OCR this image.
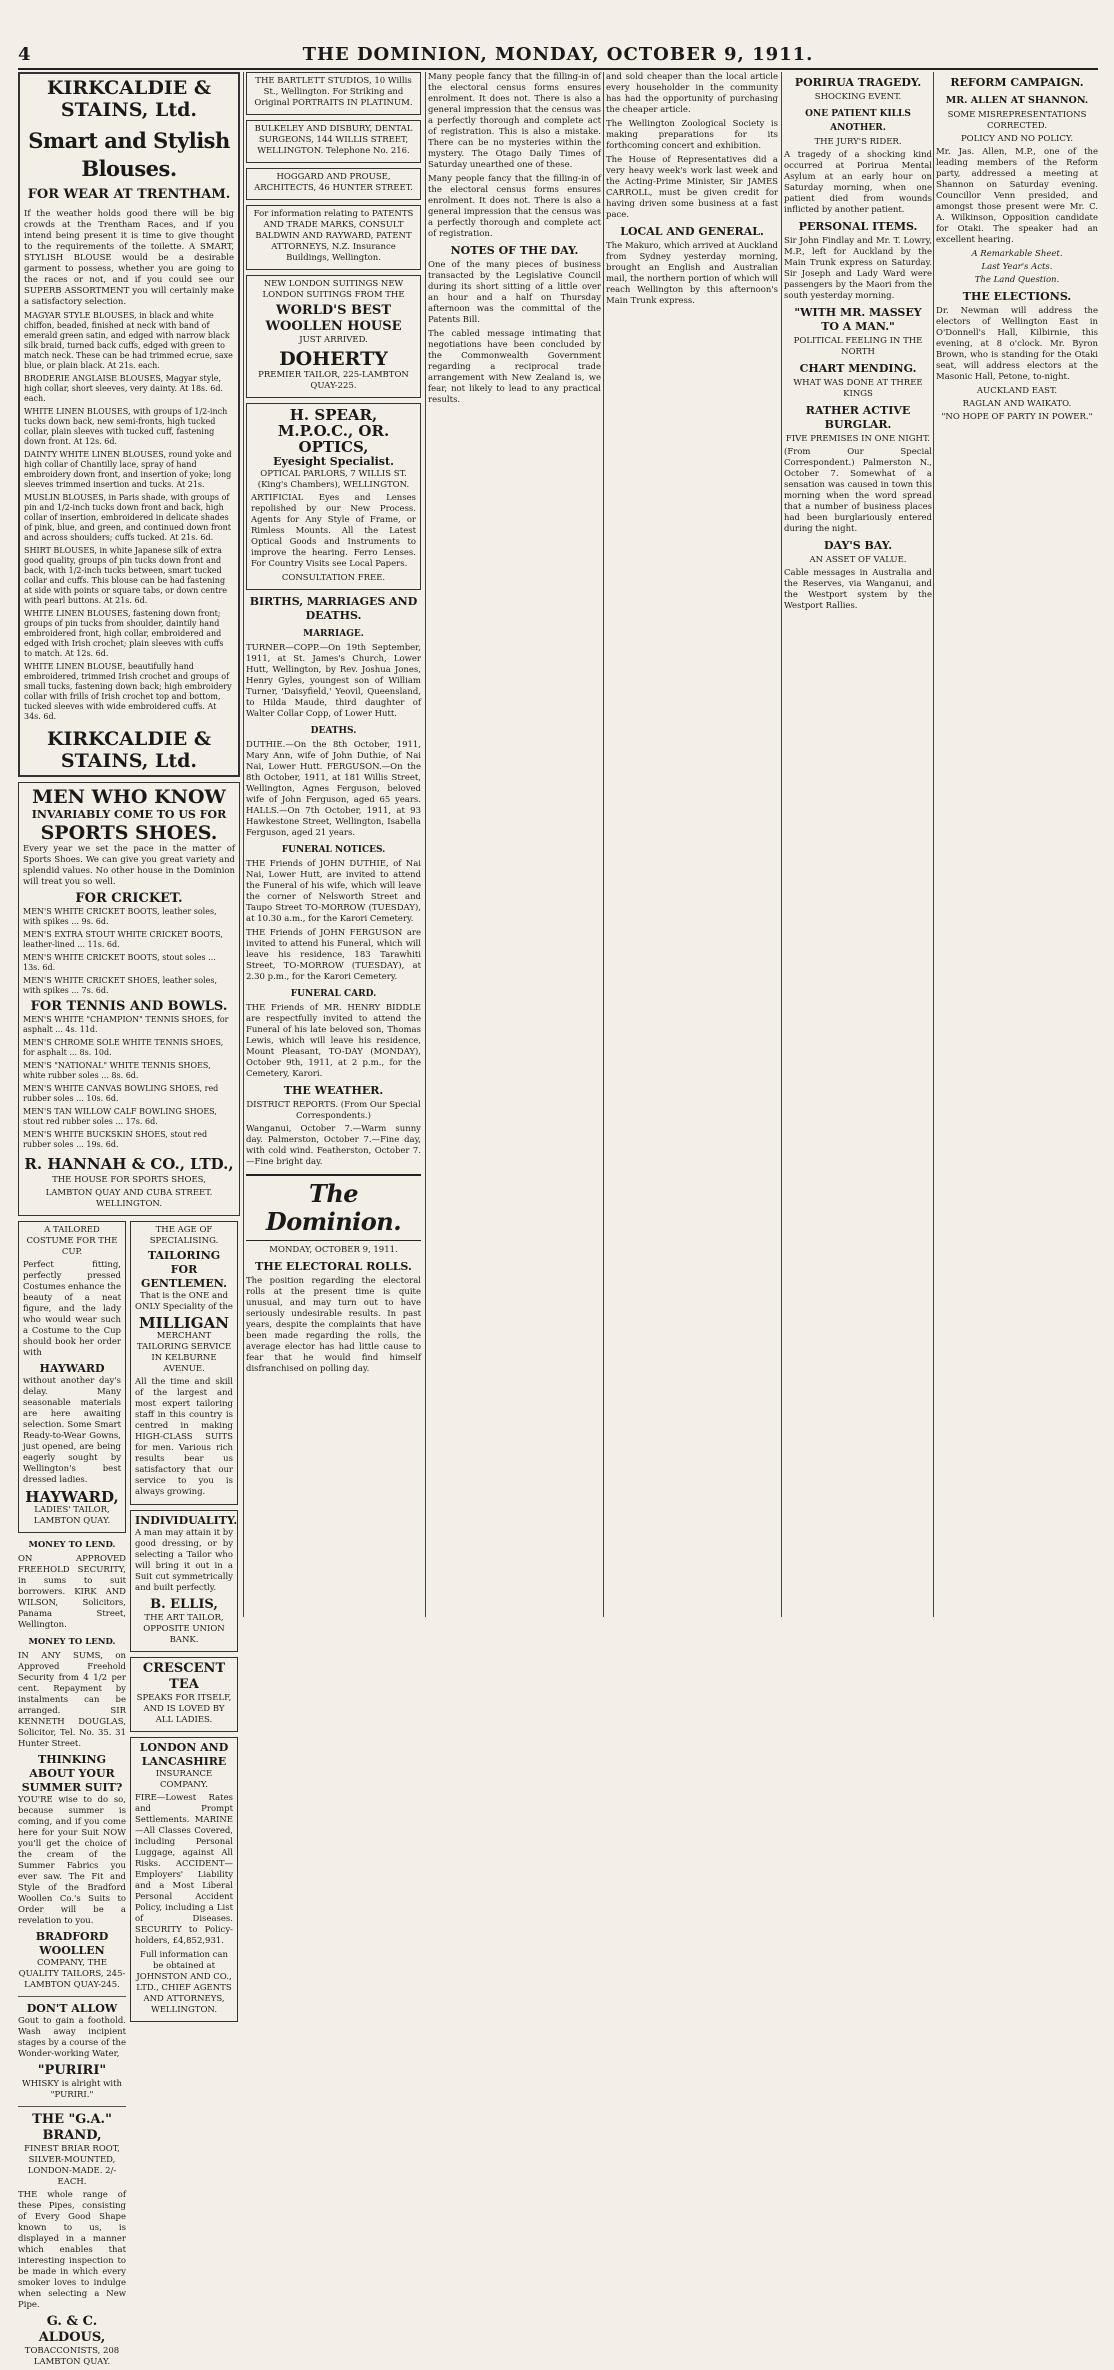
4	THE DOMINION, MONDAY, OCTOBER 9, 1911.
KIRKCALDIE & STAINS, Ltd.
Smart and Stylish Blouses.
FOR WEAR AT TRENTHAM.
If the weather holds good there will be big crowds at the Trentham Races, and if you intend being present it is time to give thought to the requirements of the toilette. A SMART, STYLISH BLOUSE would be a desirable garment to possess, whether you are going to the races or not, and if you could see our SUPERB ASSORTMENT you will certainly make a satisfactory selection.
MAGYAR STYLE BLOUSES, in black and white chiffon, beaded, finished at neck with band of emerald green satin, and edged with narrow black silk braid, turned back cuffs, edged with green to match neck. These can be had trimmed ecrue, saxe blue, or plain black. At 21s. each.
BRODERIE ANGLAISE BLOUSES, Magyar style, high collar, short sleeves, very dainty. At 18s. 6d. each.
WHITE LINEN BLOUSES, with groups of 1/2-inch tucks down back, new semi-fronts, high tucked collar, plain sleeves with tucked cuff, fastening down front. At 12s. 6d.
DAINTY WHITE LINEN BLOUSES, round yoke and high collar of Chantilly lace, spray of hand embroidery down front, and insertion of yoke; long sleeves trimmed insertion and tucks. At 21s.
MUSLIN BLOUSES, in Paris shade, with groups of pin and 1/2-inch tucks down front and back, high collar of insertion, embroidered in delicate shades of pink, blue, and green, and continued down front and across shoulders; cuffs tucked. At 21s. 6d.
SHIRT BLOUSES, in white Japanese silk of extra good quality, groups of pin tucks down front and back, with 1/2-inch tucks between, smart tucked collar and cuffs. This blouse can be had fastening at side with points or square tabs, or down centre with pearl buttons. At 21s. 6d.
WHITE LINEN BLOUSES, fastening down front; groups of pin tucks from shoulder, daintily hand embroidered front, high collar, embroidered and edged with Irish crochet; plain sleeves with cuffs to match. At 12s. 6d.
WHITE LINEN BLOUSE, beautifully hand embroidered, trimmed Irish crochet and groups of small tucks, fastening down back; high embroidery collar with frills of Irish crochet top and bottom, tucked sleeves with wide embroidered cuffs. At 34s. 6d.
KIRKCALDIE & STAINS, Ltd.
MEN WHO KNOW
INVARIABLY COME TO US FOR
SPORTS SHOES.
Every year we set the pace in the matter of Sports Shoes. We can give you great variety and splendid values. No other house in the Dominion will treat you so well.
FOR CRICKET.
MEN'S WHITE CRICKET BOOTS, leather soles, with spikes ... 9s. 6d.
MEN'S EXTRA STOUT WHITE CRICKET BOOTS, leather-lined ... 11s. 6d.
MEN'S WHITE CRICKET BOOTS, stout soles ... 13s. 6d.
MEN'S WHITE CRICKET SHOES, leather soles, with spikes ... 7s. 6d.
FOR TENNIS AND BOWLS.
MEN'S WHITE "CHAMPION" TENNIS SHOES, for asphalt ... 4s. 11d.
MEN'S CHROME SOLE WHITE TENNIS SHOES, for asphalt ... 8s. 10d.
MEN'S "NATIONAL" WHITE TENNIS SHOES, white rubber soles ... 8s. 6d.
MEN'S WHITE CANVAS BOWLING SHOES, red rubber soles ... 10s. 6d.
MEN'S TAN WILLOW CALF BOWLING SHOES, stout red rubber soles ... 17s. 6d.
MEN'S WHITE BUCKSKIN SHOES, stout red rubber soles ... 19s. 6d.
R. HANNAH & CO., LTD.,
THE HOUSE FOR SPORTS SHOES,
LAMBTON QUAY AND CUBA STREET. WELLINGTON.
A TAILORED COSTUME FOR THE CUP.
Perfect fitting, perfectly pressed Costumes enhance the beauty of a neat figure, and the lady who would wear such a Costume to the Cup should book her order with
HAYWARD
without another day's delay. Many seasonable materials are here awaiting selection. Some Smart Ready-to-Wear Gowns, just opened, are being eagerly sought by Wellington's best dressed ladies.
HAYWARD,
LADIES' TAILOR, LAMBTON QUAY.
MONEY TO LEND.
ON APPROVED FREEHOLD SECURITY, in sums to suit borrowers. KIRK AND WILSON, Solicitors, Panama Street, Wellington.
MONEY TO LEND.
IN ANY SUMS, on Approved Freehold Security from 4 1/2 per cent. Repayment by instalments can be arranged. SIR KENNETH DOUGLAS, Solicitor, Tel. No. 35. 31 Hunter Street.
THINKING ABOUT YOUR SUMMER SUIT?
YOU'RE wise to do so, because summer is coming, and if you come here for your Suit NOW you'll get the choice of the cream of the Summer Fabrics you ever saw. The Fit and Style of the Bradford Woollen Co.'s Suits to Order will be a revelation to you.
BRADFORD WOOLLEN
COMPANY, THE QUALITY TAILORS, 245-LAMBTON QUAY-245.
DON'T ALLOW
Gout to gain a foothold. Wash away incipient stages by a course of the Wonder-working Water,
"PURIRI"
WHISKY is alright with "PURIRI."
THE "G.A." BRAND,
FINEST BRIAR ROOT, SILVER-MOUNTED, LONDON-MADE. 2/- EACH.
THE whole range of these Pipes, consisting of Every Good Shape known to us, is displayed in a manner which enables that interesting inspection to be made in which every smoker loves to indulge when selecting a New Pipe.
G. & C. ALDOUS,
TOBACCONISTS, 208 LAMBTON QUAY.
THE AGE OF SPECIALISING.
TAILORING FOR GENTLEMEN.
That is the ONE and ONLY Speciality of the
MILLIGAN
MERCHANT TAILORING SERVICE IN KELBURNE AVENUE.
All the time and skill of the largest and most expert tailoring staff in this country is centred in making HIGH-CLASS SUITS for men. Various rich results bear us satisfactory that our service to you is always growing.
INDIVIDUALITY.
A man may attain it by good dressing, or by selecting a Tailor who will bring it out in a Suit cut symmetrically and built perfectly.
B. ELLIS,
THE ART TAILOR, OPPOSITE UNION BANK.
CRESCENT TEA
SPEAKS FOR ITSELF, AND IS LOVED BY ALL LADIES.
LONDON AND LANCASHIRE
INSURANCE COMPANY.
FIRE—Lowest Rates and Prompt Settlements. MARINE—All Classes Covered, including Personal Luggage, against All Risks. ACCIDENT—Employers' Liability and a Most Liberal Personal Accident Policy, including a List of Diseases. SECURITY to Policy-holders, £4,852,931.
Full information can be obtained at JOHNSTON AND CO., LTD., CHIEF AGENTS AND ATTORNEYS, WELLINGTON.
THE BARTLETT STUDIOS, 10 Willis St., Wellington. For Striking and Original PORTRAITS IN PLATINUM.
BULKELEY AND DISBURY, DENTAL SURGEONS, 144 WILLIS STREET, WELLINGTON. Telephone No. 216.
HOGGARD AND PROUSE, ARCHITECTS, 46 HUNTER STREET.
For information relating to PATENTS AND TRADE MARKS, CONSULT BALDWIN AND RAYWARD, PATENT ATTORNEYS, N.Z. Insurance Buildings, Wellington.
NEW LONDON SUITINGS NEW LONDON SUITINGS FROM THE
WORLD'S BEST WOOLLEN HOUSE
JUST ARRIVED.
DOHERTY
PREMIER TAILOR, 225-LAMBTON QUAY-225.
H. SPEAR, M.P.O.C., OR. OPTICS,
Eyesight Specialist.
OPTICAL PARLORS, 7 WILLIS ST. (King's Chambers), WELLINGTON.
ARTIFICIAL Eyes and Lenses repolished by our New Process. Agents for Any Style of Frame, or Rimless Mounts. All the Latest Optical Goods and Instruments to improve the hearing. Ferro Lenses. For Country Visits see Local Papers.
CONSULTATION FREE.
BIRTHS, MARRIAGES AND DEATHS.
MARRIAGE.
TURNER—COPP.—On 19th September, 1911, at St. James's Church, Lower Hutt, Wellington, by Rev. Joshua Jones, Henry Gyles, youngest son of William Turner, 'Daisyfield,' Yeovil, Queensland, to Hilda Maude, third daughter of Walter Collar Copp, of Lower Hutt.
DEATHS.
DUTHIE.—On the 8th October, 1911, Mary Ann, wife of John Duthie, of Nai Nai, Lower Hutt. FERGUSON.—On the 8th October, 1911, at 181 Willis Street, Wellington, Agnes Ferguson, beloved wife of John Ferguson, aged 65 years. HALLS.—On 7th October, 1911, at 93 Hawkestone Street, Wellington, Isabella Ferguson, aged 21 years.
FUNERAL NOTICES.
THE Friends of JOHN DUTHIE, of Nai Nai, Lower Hutt, are invited to attend the Funeral of his wife, which will leave the corner of Nelsworth Street and Taupo Street TO-MORROW (TUESDAY), at 10.30 a.m., for the Karori Cemetery.
THE Friends of JOHN FERGUSON are invited to attend his Funeral, which will leave his residence, 183 Tarawhiti Street, TO-MORROW (TUESDAY), at 2.30 p.m., for the Karori Cemetery.
FUNERAL CARD.
THE Friends of MR. HENRY BIDDLE are respectfully invited to attend the Funeral of his late beloved son, Thomas Lewis, which will leave his residence, Mount Pleasant, TO-DAY (MONDAY), October 9th, 1911, at 2 p.m., for the Cemetery, Karori.
THE WEATHER.
DISTRICT REPORTS. (From Our Special Correspondents.)
Wanganui, October 7.—Warm sunny day. Palmerston, October 7.—Fine day, with cold wind. Featherston, October 7.—Fine bright day.
The Dominion.
MONDAY, OCTOBER 9, 1911.
THE ELECTORAL ROLLS.
The position regarding the electoral rolls at the present time is quite unusual, and may turn out to have seriously undesirable results. In past years, despite the complaints that have been made regarding the rolls, the average elector has had little cause to fear that he would find himself disfranchised on polling day.
Many people fancy that the filling-in of the electoral census forms ensures enrolment. It does not. There is also a general impression that the census was a perfectly thorough and complete act of registration. This is also a mistake. There can be no mysteries within the mystery. The Otago Daily Times of Saturday unearthed one of these.
Many people fancy that the filling-in of the electoral census forms ensures enrolment. It does not. There is also a general impression that the census was a perfectly thorough and complete act of registration.
NOTES OF THE DAY.
One of the many pieces of business transacted by the Legislative Council during its short sitting of a little over an hour and a half on Thursday afternoon was the committal of the Patents Bill.
The cabled message intimating that negotiations have been concluded by the Commonwealth Government regarding a reciprocal trade arrangement with New Zealand is, we fear, not likely to lead to any practical results.
and sold cheaper than the local article every householder in the community has had the opportunity of purchasing the cheaper article.
The Wellington Zoological Society is making preparations for its forthcoming concert and exhibition.
The House of Representatives did a very heavy week's work last week and the Acting-Prime Minister, Sir JAMES CARROLL, must be given credit for having driven some business at a fast pace.
LOCAL AND GENERAL.
The Makuro, which arrived at Auckland from Sydney yesterday morning, brought an English and Australian mail, the northern portion of which will reach Wellington by this afternoon's Main Trunk express.
PORIRUA TRAGEDY.
SHOCKING EVENT.
ONE PATIENT KILLS ANOTHER.
THE JURY'S RIDER.
A tragedy of a shocking kind occurred at Porirua Mental Asylum at an early hour on Saturday morning, when one patient died from wounds inflicted by another patient.
PERSONAL ITEMS.
Sir John Findlay and Mr. T. Lowry, M.P., left for Auckland by the Main Trunk express on Saturday. Sir Joseph and Lady Ward were passengers by the Maori from the south yesterday morning.
"WITH MR. MASSEY TO A MAN."
POLITICAL FEELING IN THE NORTH
CHART MENDING.
WHAT WAS DONE AT THREE KINGS
RATHER ACTIVE BURGLAR.
FIVE PREMISES IN ONE NIGHT.
(From Our Special Correspondent.) Palmerston N., October 7. Somewhat of a sensation was caused in town this morning when the word spread that a number of business places had been burglariously entered during the night.
DAY'S BAY.
AN ASSET OF VALUE.
Cable messages in Australia and the Reserves, via Wanganui, and the Westport system by the Westport Rallies.
REFORM CAMPAIGN.
MR. ALLEN AT SHANNON.
SOME MISREPRESENTATIONS CORRECTED.
POLICY AND NO POLICY.
Mr. Jas. Allen, M.P., one of the leading members of the Reform party, addressed a meeting at Shannon on Saturday evening. Councillor Venn presided, and amongst those present were Mr. C. A. Wilkinson, Opposition candidate for Otaki. The speaker had an excellent hearing.
A Remarkable Sheet.
Last Year's Acts.
The Land Question.
THE ELECTIONS.
Dr. Newman will address the electors of Wellington East in O'Donnell's Hall, Kilbirnie, this evening, at 8 o'clock. Mr. Byron Brown, who is standing for the Otaki seat, will address electors at the Masonic Hall, Petone, to-night.
AUCKLAND EAST.
RAGLAN AND WAIKATO.
"NO HOPE OF PARTY IN POWER."
